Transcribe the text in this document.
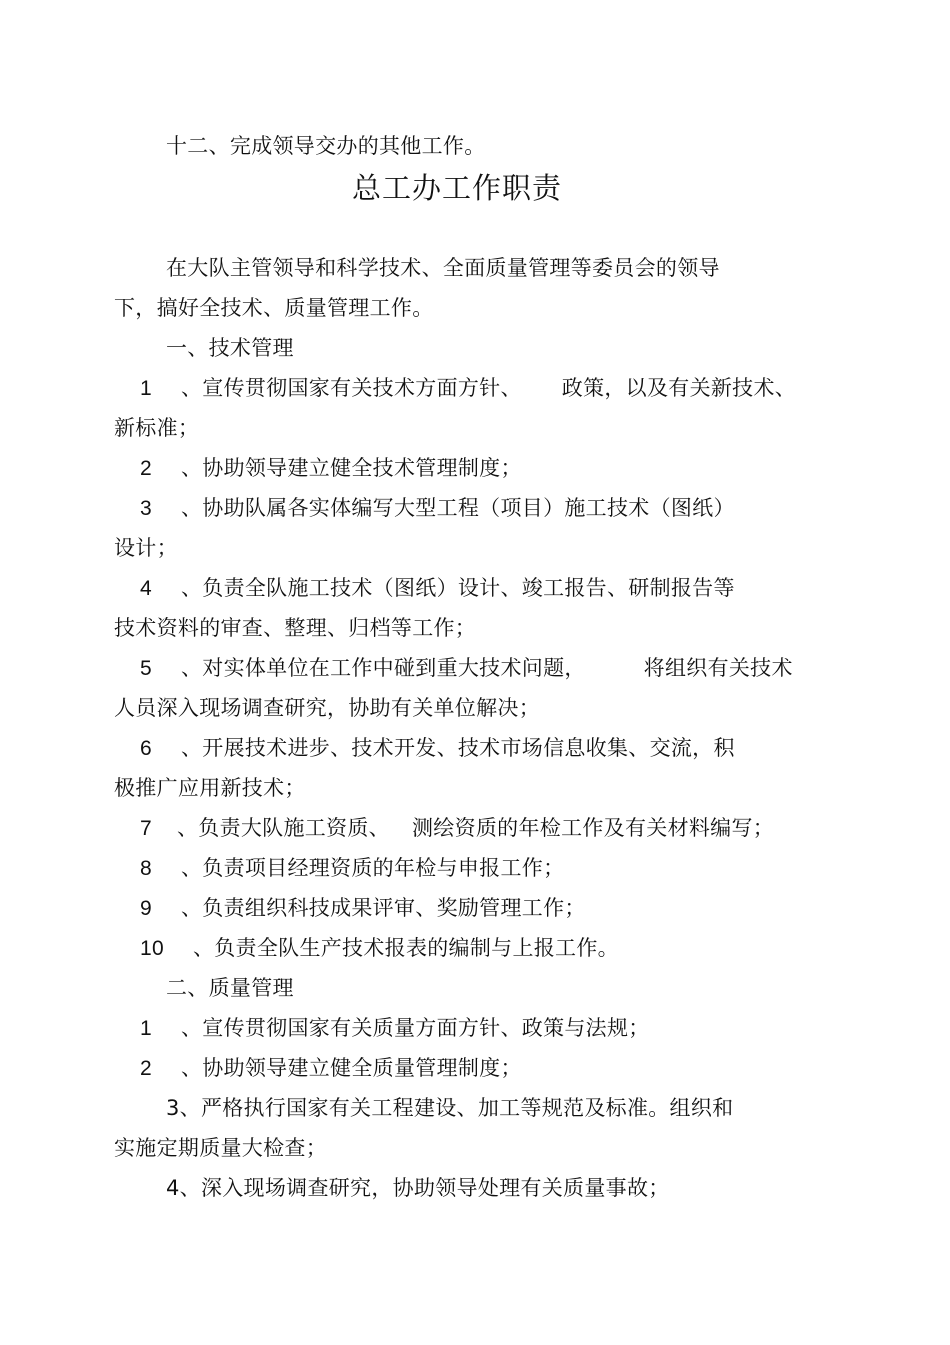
十二、完成领导交办的其他工作。
总工办工作职责
在大队主管领导和科学技术、全面质量管理等委员会的领导
下，搞好全技术、质量管理工作。
一、技术管理
1 、宣传贯彻国家有关技术方面方针、 政策，以及有关新技术、
新标准；
2 、协助领导建立健全技术管理制度；
3 、协助队属各实体编写大型工程（项目）施工技术（图纸）
设计；
4 、负责全队施工技术（图纸）设计、竣工报告、研制报告等
技术资料的审查、整理、归档等工作；
5 、对实体单位在工作中碰到重大技术问题，	将组织有关技术
人员深入现场调查研究，协助有关单位解决；
6 、开展技术进步、技术开发、技术市场信息收集、交流，积
极推广应用新技术；
7 、负责大队施工资质、 测绘资质的年检工作及有关材料编写；
8 、负责项目经理资质的年检与申报工作；
9 、负责组织科技成果评审、奖励管理工作；
10 、负责全队生产技术报表的编制与上报工作。
二、质量管理
1 、宣传贯彻国家有关质量方面方针、政策与法规；
2 、协助领导建立健全质量管理制度；
3、严格执行国家有关工程建设、加工等规范及标准。组织和
实施定期质量大检查；
4、深入现场调查研究，协助领导处理有关质量事故；
